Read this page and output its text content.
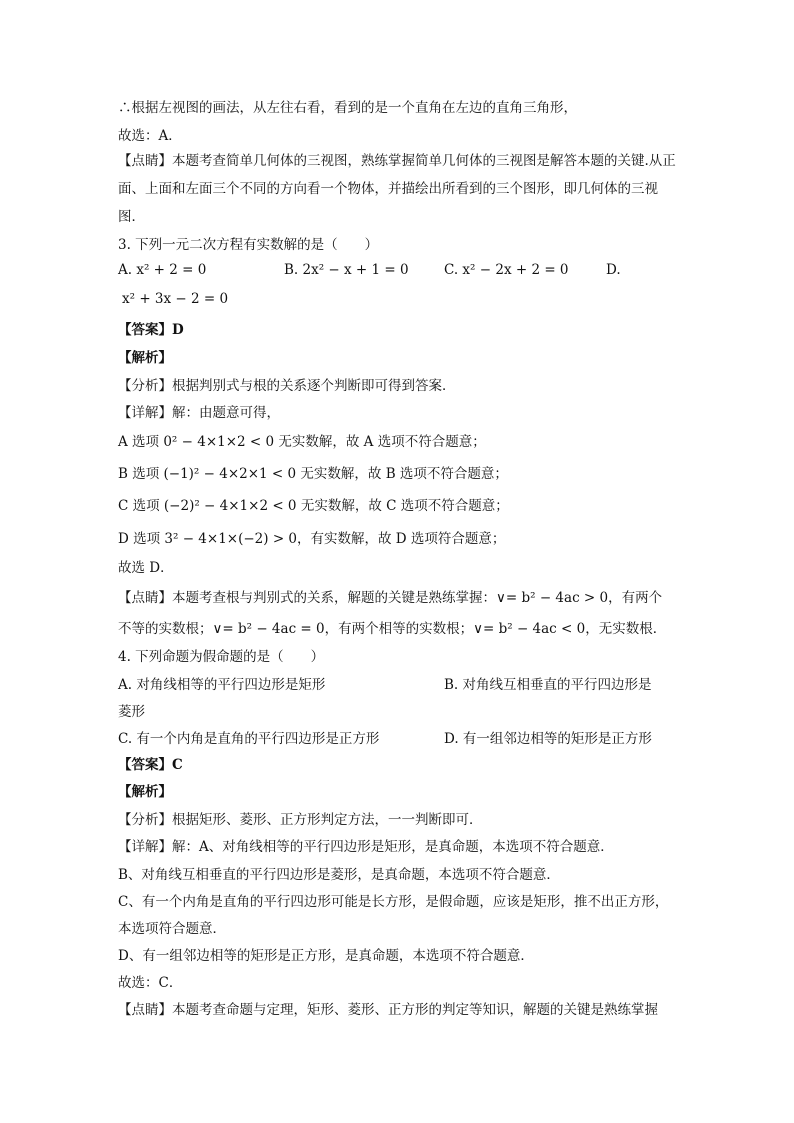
∴根据左视图的画法，从左往右看，看到的是一个直角在左边的直角三角形，
故选：A．
【点睛】本题考查简单几何体的三视图，熟练掌握简单几何体的三视图是解答本题的关键.从正面、上面和左面三个不同的方向看一个物体，并描绘出所看到的三个图形，即几何体的三视图．
3. 下列一元二次方程有实数解的是（　　）
A. x² + 2 = 0	B. 2x² − x + 1 = 0	C. x² − 2x + 2 = 0	D.
x² + 3x − 2 = 0
【答案】D
【解析】
【分析】根据判别式与根的关系逐个判断即可得到答案．
【详解】解：由题意可得，
A 选项 0² − 4×1×2 < 0 无实数解，故 A 选项不符合题意；
B 选项 (−1)² − 4×2×1 < 0 无实数解，故 B 选项不符合题意；
C 选项 (−2)² − 4×1×2 < 0 无实数解，故 C 选项不符合题意；
D 选项 3² − 4×1×(−2) > 0，有实数解，故 D 选项符合题意；
故选 D．
【点睛】本题考查根与判别式的关系，解题的关键是熟练掌握：∨= b² − 4ac > 0，有两个
不等的实数根；∨= b² − 4ac = 0，有两个相等的实数根；∨= b² − 4ac < 0，无实数根．
4. 下列命题为假命题的是（　　）
A. 对角线相等的平行四边形是矩形	B. 对角线互相垂直的平行四边形是
菱形
C. 有一个内角是直角的平行四边形是正方形	D. 有一组邻边相等的矩形是正方形
【答案】C
【解析】
【分析】根据矩形、菱形、正方形判定方法，一一判断即可．
【详解】解：A、对角线相等的平行四边形是矩形，是真命题，本选项不符合题意．
B、对角线互相垂直的平行四边形是菱形，是真命题，本选项不符合题意．
C、有一个内角是直角的平行四边形可能是长方形，是假命题，应该是矩形，推不出正方形，
本选项符合题意．
D、有一组邻边相等的矩形是正方形，是真命题，本选项不符合题意．
故选：C．
【点睛】本题考查命题与定理，矩形、菱形、正方形的判定等知识，解题的关键是熟练掌握
